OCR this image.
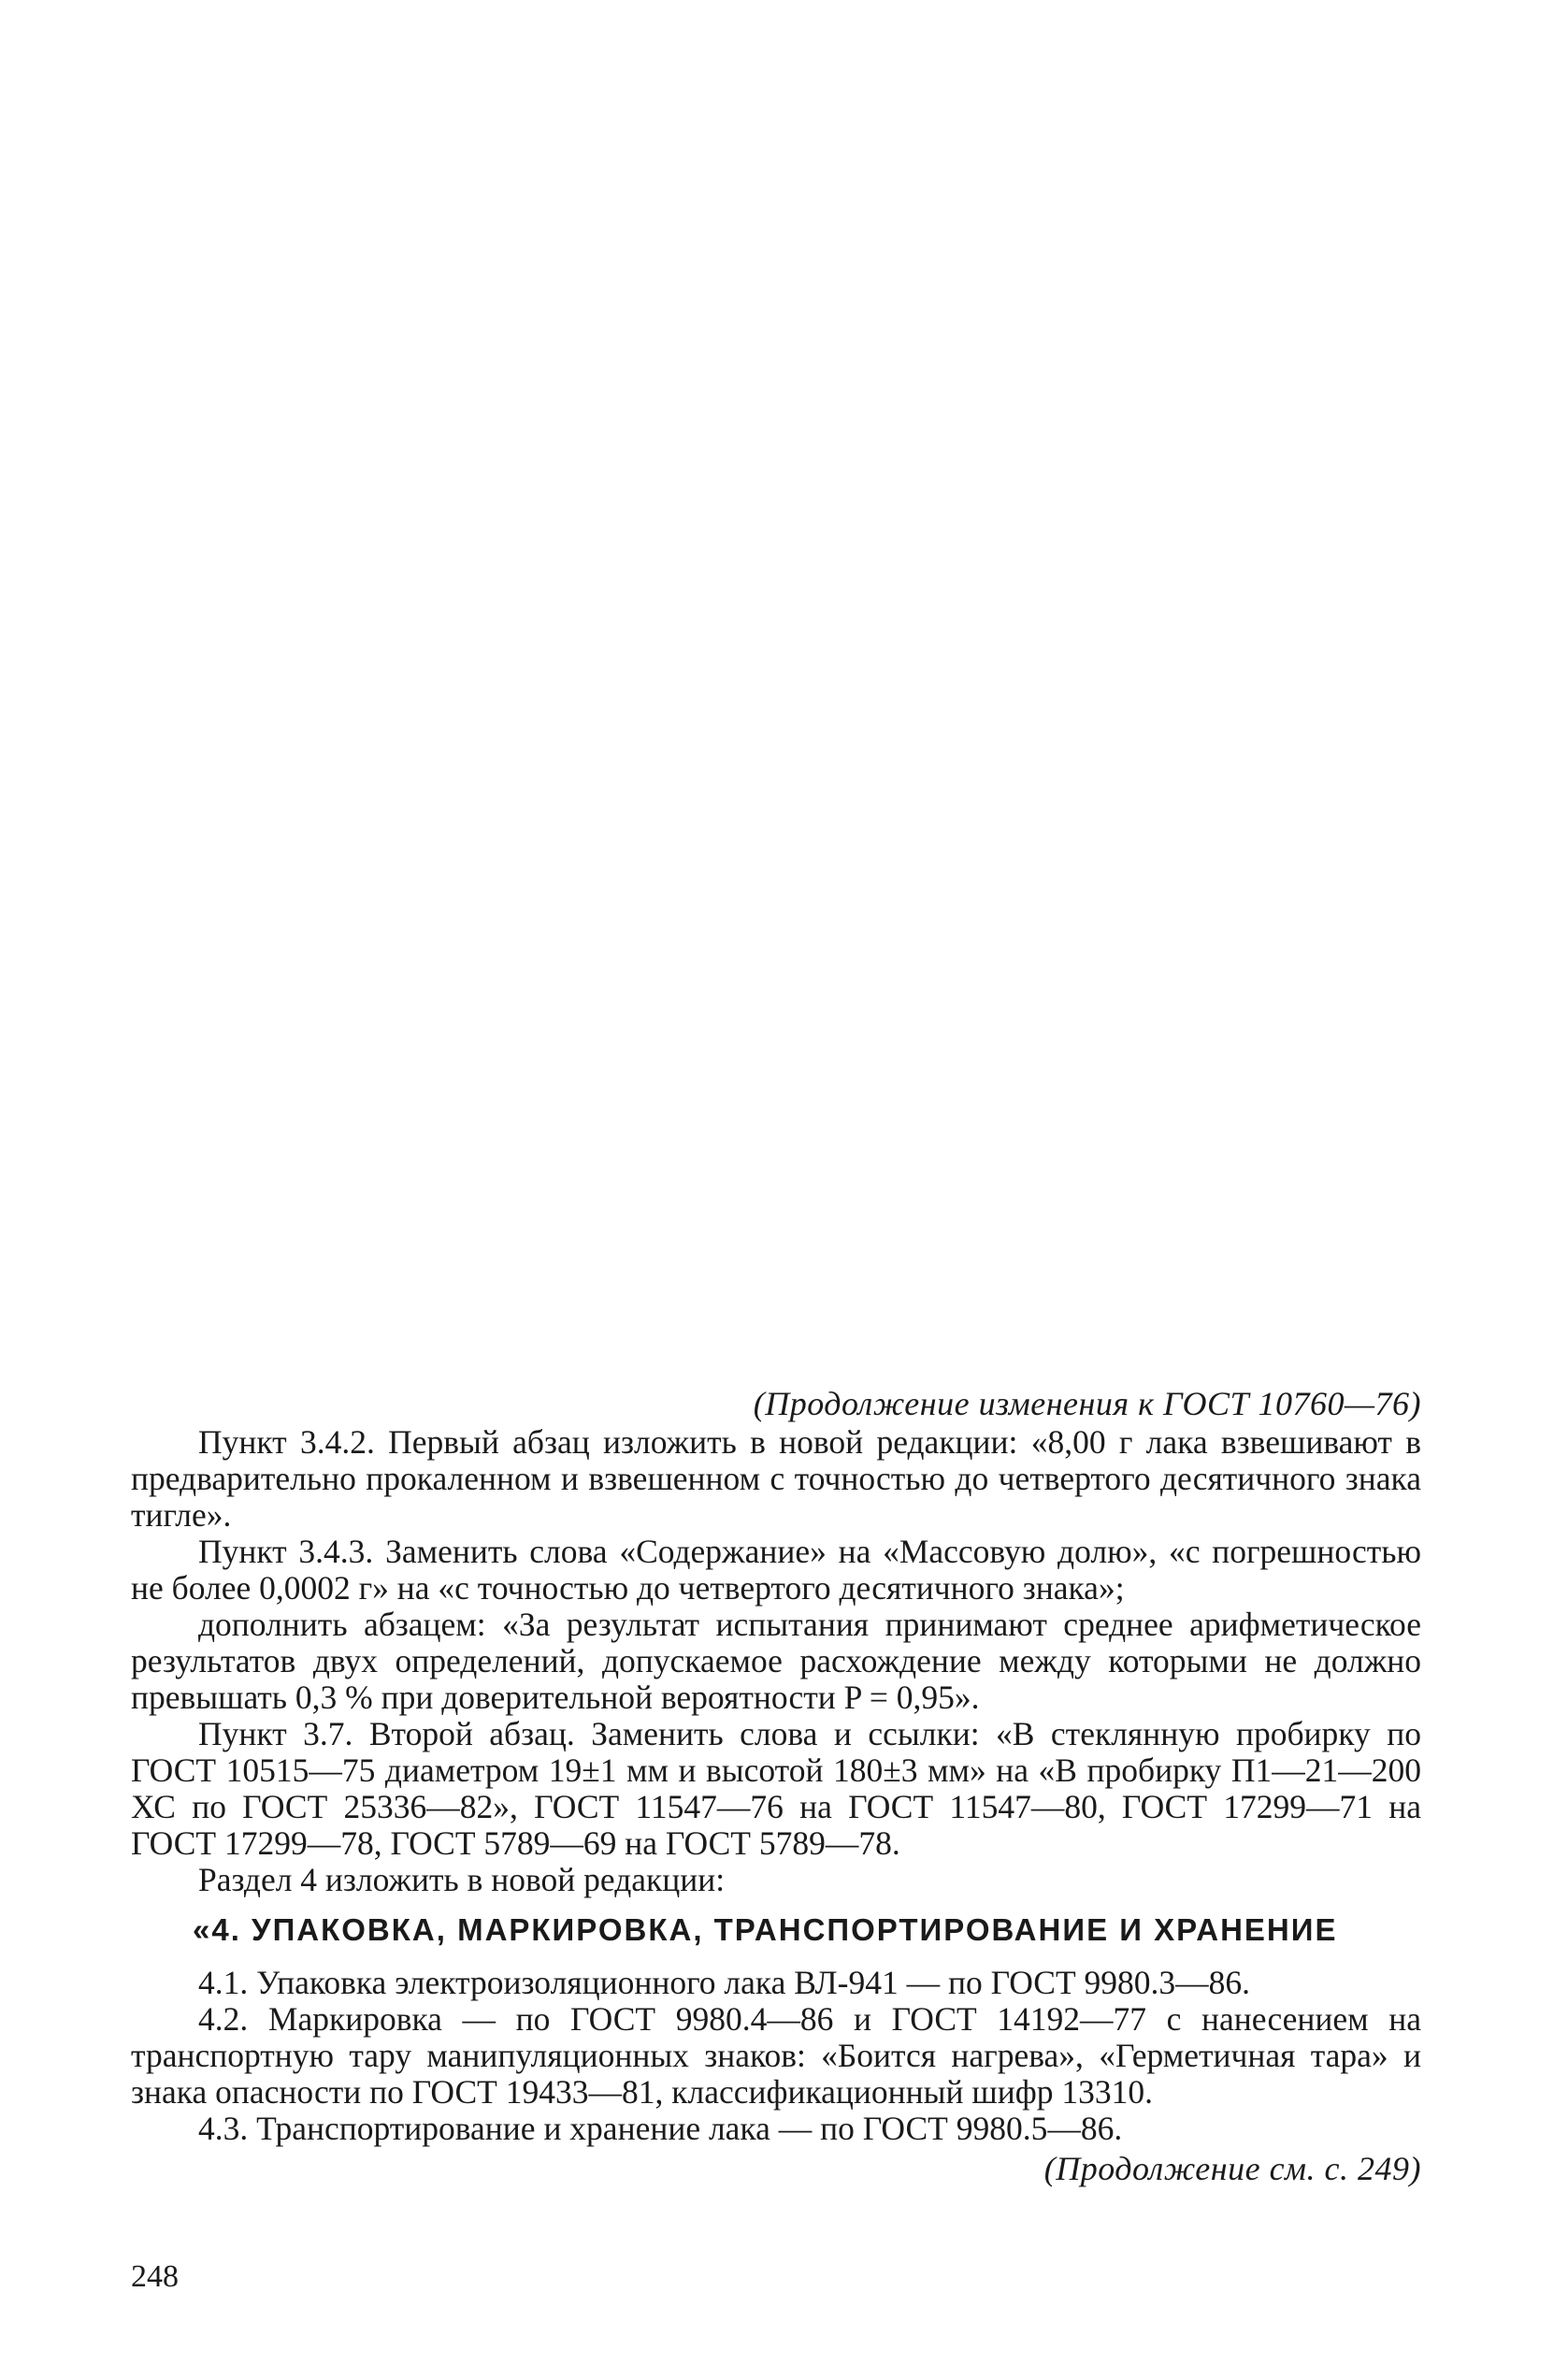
(Продолжение изменения к ГОСТ 10760—76)

Пункт 3.4.2. Первый абзац изложить в новой редакции: «8,00 г лака взвешивают в предварительно прокаленном и взвешенном с точностью до четвертого десятичного знака тигле».

Пункт 3.4.3. Заменить слова «Содержание» на «Массовую долю», «с погрешностью не более 0,0002 г» на «с точностью до четвертого десятичного знака»;

дополнить абзацем: «За результат испытания принимают среднее арифметическое результатов двух определений, допускаемое расхождение между которыми не должно превышать 0,3 % при доверительной вероятности P = 0,95».

Пункт 3.7. Второй абзац. Заменить слова и ссылки: «В стеклянную пробирку по ГОСТ 10515—75 диаметром 19±1 мм и высотой 180±3 мм» на «В пробирку П1—21—200 ХС по ГОСТ 25336—82», ГОСТ 11547—76 на ГОСТ 11547—80, ГОСТ 17299—71 на ГОСТ 17299—78, ГОСТ 5789—69 на ГОСТ 5789—78.

Раздел 4 изложить в новой редакции:

«4. УПАКОВКА, МАРКИРОВКА, ТРАНСПОРТИРОВАНИЕ И ХРАНЕНИЕ

4.1. Упаковка электроизоляционного лака ВЛ-941 — по ГОСТ 9980.3—86.

4.2. Маркировка — по ГОСТ 9980.4—86 и ГОСТ 14192—77 с нанесением на транспортную тару манипуляционных знаков: «Боится нагрева», «Герметичная тара» и знака опасности по ГОСТ 19433—81, классификационный шифр 13310.

4.3. Транспортирование и хранение лака — по ГОСТ 9980.5—86.

(Продолжение см. с. 249)
248
